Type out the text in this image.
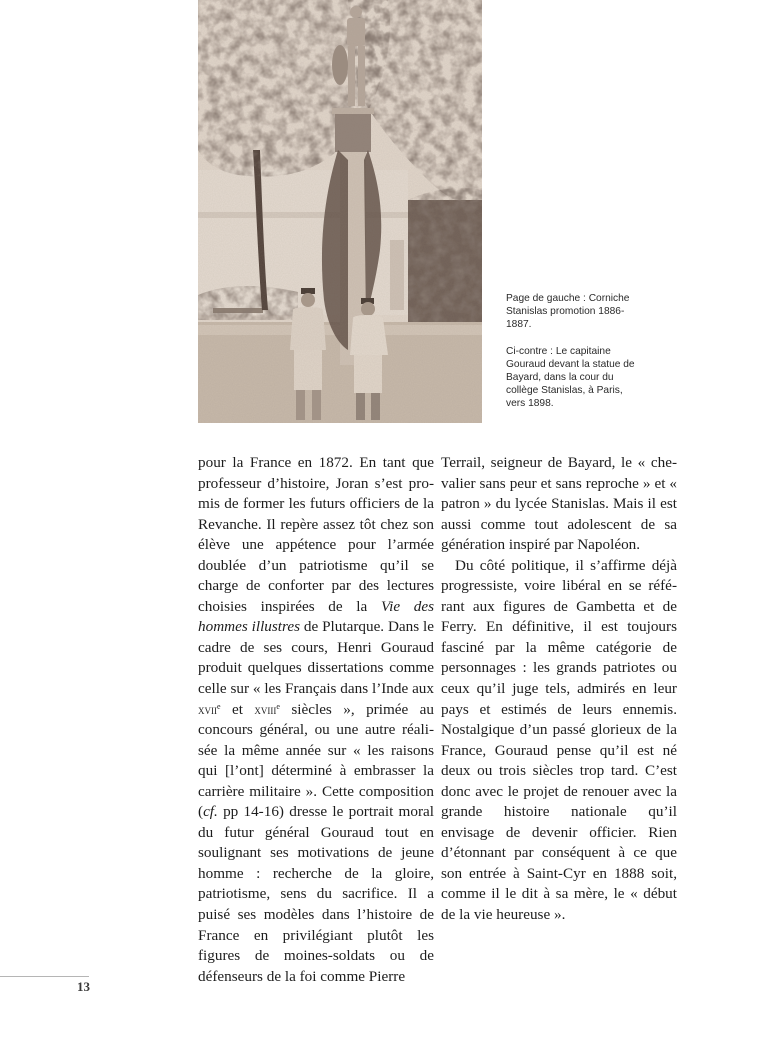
Page de gauche : Corniche Stanislas promotion 1886-1887.

Ci-contre : Le capitaine Gouraud devant la statue de Bayard, dans la cour du collège Stanislas, à Paris, vers 1898.

pour la France en 1872. En tant que professeur d’histoire, Joran s’est promis de former les futurs officiers de la Revanche. Il repère assez tôt chez son élève une appétence pour l’armée doublée d’un patriotisme qu’il se charge de conforter par des lectures choisies inspirées de la Vie des hommes illustres de Plutarque. Dans le cadre de ses cours, Henri Gouraud produit quelques dissertations comme celle sur « les Français dans l’Inde aux xvii$^e$ et xviii$^e$ siècles », primée au concours général, ou une autre réalisée la même année sur « les raisons qui [l’ont] déterminé à embrasser la carrière militaire ». Cette composition (cf. pp 14-16) dresse le portrait moral du futur général Gouraud tout en soulignant ses motivations de jeune homme : recherche de la gloire, patriotisme, sens du sacrifice. Il a puisé ses modèles dans l’histoire de France en privilégiant plutôt les figures de moines-soldats ou de défenseurs de la foi comme Pierre

Terrail, seigneur de Bayard, le « chevalier sans peur et sans reproche » et « patron » du lycée Stanislas. Mais il est aussi comme tout adolescent de sa génération inspiré par Napoléon.

Du côté politique, il s’affirme déjà progressiste, voire libéral en se référant aux figures de Gambetta et de Ferry. En définitive, il est toujours fasciné par la même catégorie de personnages : les grands patriotes ou ceux qu’il juge tels, admirés en leur pays et estimés de leurs ennemis. Nostalgique d’un passé glorieux de la France, Gouraud pense qu’il est né deux ou trois siècles trop tard. C’est donc avec le projet de renouer avec la grande histoire nationale qu’il envisage de devenir officier. Rien d’étonnant par conséquent à ce que son entrée à Saint-Cyr en 1888 soit, comme il le dit à sa mère, le « début de la vie heureuse ».

13
